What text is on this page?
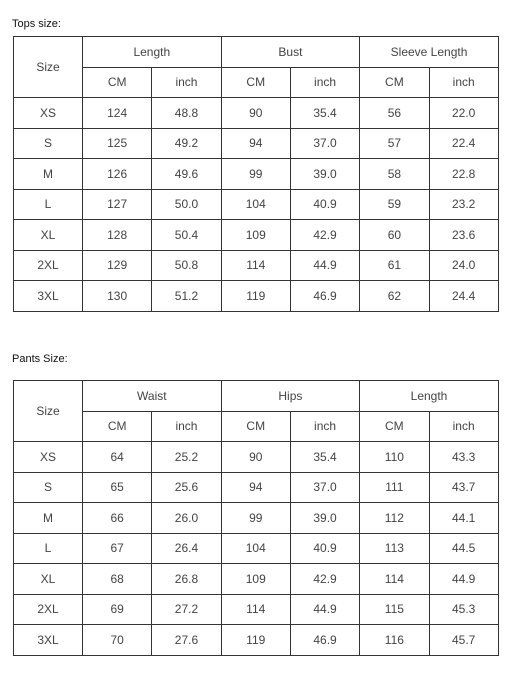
Tops size:
Size	Length		Bust		Sleeve Length	
	CM	inch	CM	inch	CM	inch
XS	124	48.8	90	35.4	56	22.0
S	125	49.2	94	37.0	57	22.4
M	126	49.6	99	39.0	58	22.8
L	127	50.0	104	40.9	59	23.2
XL	128	50.4	109	42.9	60	23.6
2XL	129	50.8	114	44.9	61	24.0
3XL	130	51.2	119	46.9	62	24.4
Pants Size:
Size	Waist		Hips		Length	
	CM	inch	CM	inch	CM	inch
XS	64	25.2	90	35.4	110	43.3
S	65	25.6	94	37.0	111	43.7
M	66	26.0	99	39.0	112	44.1
L	67	26.4	104	40.9	113	44.5
XL	68	26.8	109	42.9	114	44.9
2XL	69	27.2	114	44.9	115	45.3
3XL	70	27.6	119	46.9	116	45.7
